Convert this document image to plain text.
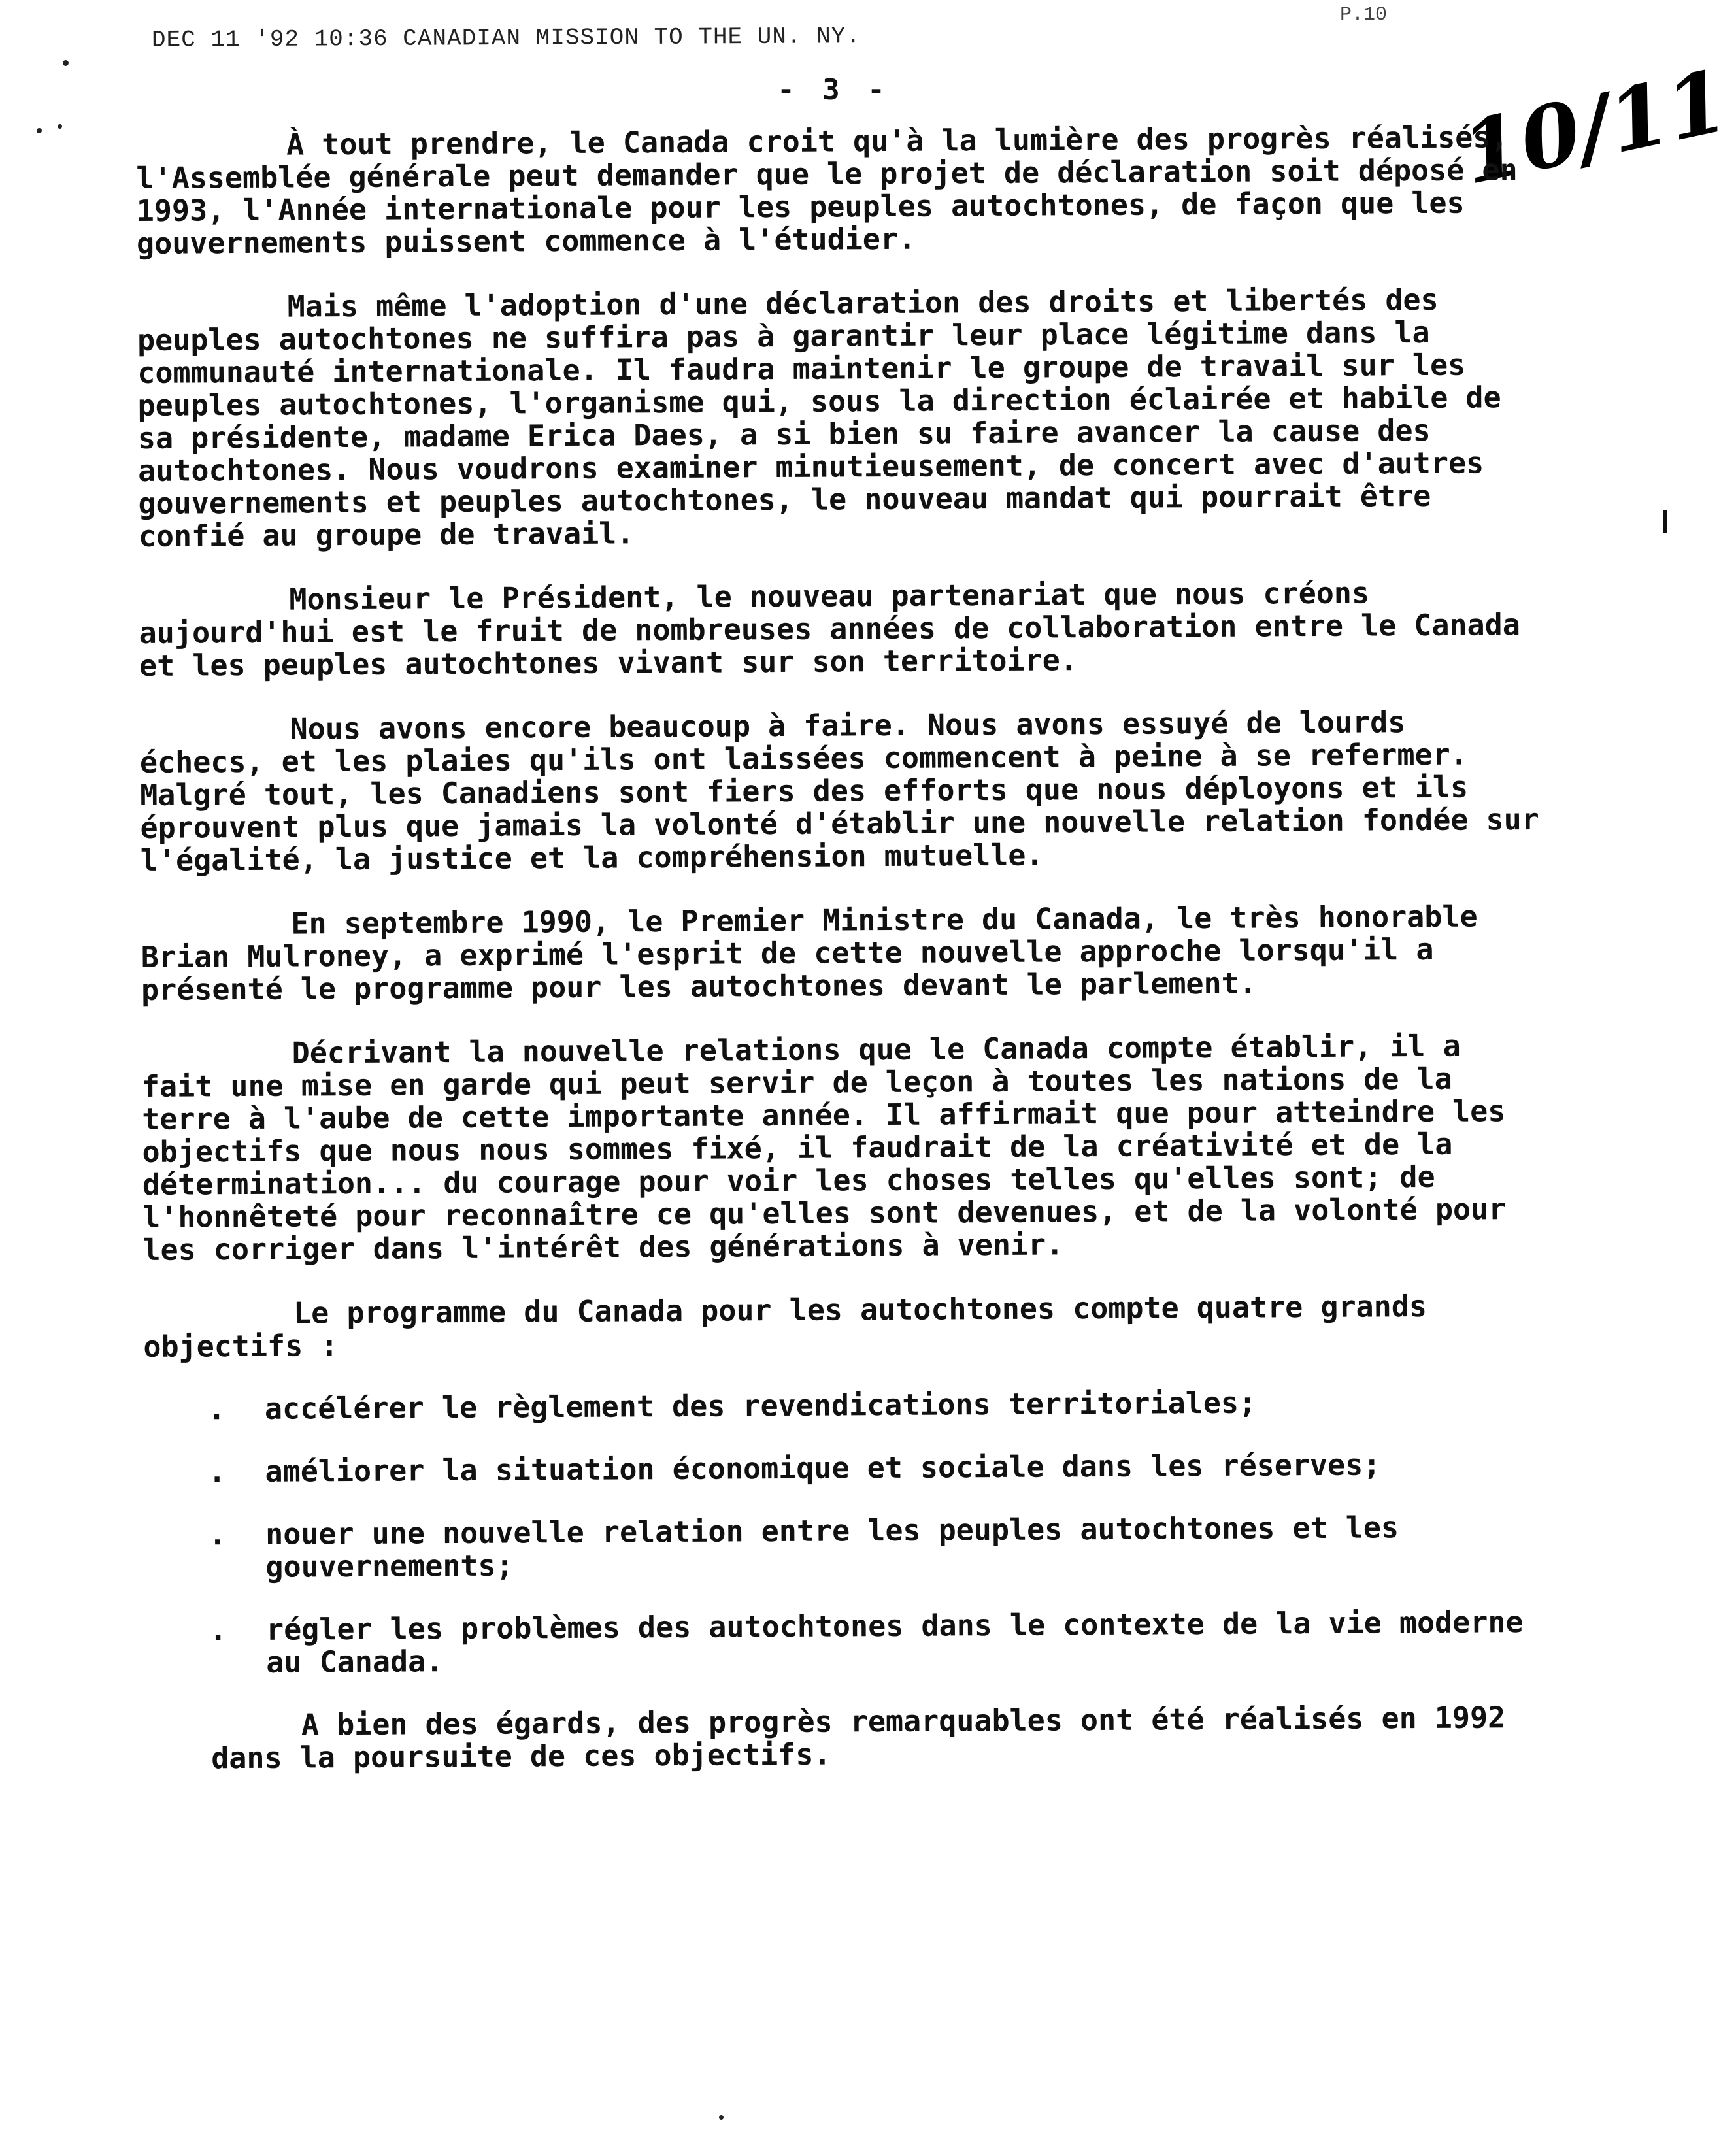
DEC 11 '92 10:36 CANADIAN MISSION TO THE UN. NY.
P.10
- 3 -	10/11

À tout prendre, le Canada croit qu'à la lumière des progrès réalisés, l'Assemblée générale peut demander que le projet de déclaration soit déposé en 1993, l'Année internationale pour les peuples autochtones, de façon que les gouvernements puissent commence à l'étudier.

Mais même l'adoption d'une déclaration des droits et libertés des peuples autochtones ne suffira pas à garantir leur place légitime dans la communauté internationale. Il faudra maintenir le groupe de travail sur les peuples autochtones, l'organisme qui, sous la direction éclairée et habile de sa présidente, madame Erica Daes, a si bien su faire avancer la cause des autochtones. Nous voudrons examiner minutieusement, de concert avec d'autres gouvernements et peuples autochtones, le nouveau mandat qui pourrait être confié au groupe de travail.

Monsieur le Président, le nouveau partenariat que nous créons aujourd'hui est le fruit de nombreuses années de collaboration entre le Canada et les peuples autochtones vivant sur son territoire.

Nous avons encore beaucoup à faire. Nous avons essuyé de lourds échecs, et les plaies qu'ils ont laissées commencent à peine à se refermer. Malgré tout, les Canadiens sont fiers des efforts que nous déployons et ils éprouvent plus que jamais la volonté d'établir une nouvelle relation fondée sur l'égalité, la justice et la compréhension mutuelle.

En septembre 1990, le Premier Ministre du Canada, le très honorable Brian Mulroney, a exprimé l'esprit de cette nouvelle approche lorsqu'il a présenté le programme pour les autochtones devant le parlement.

Décrivant la nouvelle relations que le Canada compte établir, il a fait une mise en garde qui peut servir de leçon à toutes les nations de la terre à l'aube de cette importante année. Il affirmait que pour atteindre les objectifs que nous nous sommes fixé, il faudrait de la créativité et de la détermination... du courage pour voir les choses telles qu'elles sont; de l'honnêteté pour reconnaître ce qu'elles sont devenues, et de la volonté pour les corriger dans l'intérêt des générations à venir.

Le programme du Canada pour les autochtones compte quatre grands objectifs :

. accélérer le règlement des revendications territoriales;
. améliorer la situation économique et sociale dans les réserves;
. nouer une nouvelle relation entre les peuples autochtones et les gouvernements;
. régler les problèmes des autochtones dans le contexte de la vie moderne au Canada.

A bien des égards, des progrès remarquables ont été réalisés en 1992 dans la poursuite de ces objectifs.
